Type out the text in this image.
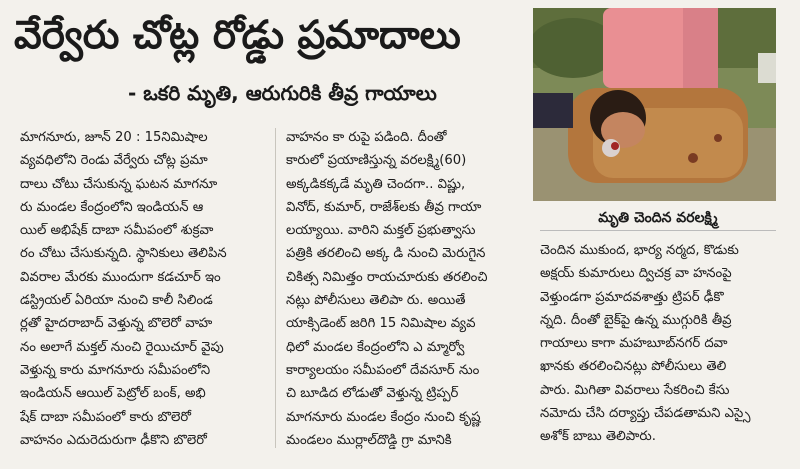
వేర్వేరు చోట్ల రోడ్డు ప్రమాదాలు
- ఒకరి మృతి, ఆరుగురికి తీవ్ర గాయాలు
మృతి చెందిన వరలక్ష్మి
మాగనూరు, జూన్ 20 : 15నిమిషాల
వ్యవధిలోని రెండు వేర్వేరు చోట్ల ప్రమా
దాలు చోటు చేసుకున్న ఘటన మాగనూ
రు మండల కేంద్రంలోని ఇండియన్ ఆ
యిల్ అభిషేక్ దాబా సమీపంలో శుక్రవా
రం చోటు చేసుకున్నది. స్థానికులు తెలిపిన
వివరాల మేరకు ముందుగా కడచూర్ ఇం
డస్ట్రియల్ ఏరియా నుంచి కాలీ సిలిండ
ర్లతో హైదరాబాద్ వెళ్తున్న బొలెరో వాహ
నం అలాగే మక్తల్ నుంచి రైయిచూర్ వైపు
వెళ్తున్న కారు మాగనూరు సమీపంలోని
ఇండియన్ ఆయిల్ పెట్రోల్ బంక్, అభి
షేక్ దాబా సమీపంలో కారు బొలెరో
వాహనం ఎదురెదురుగా ఢీకొని బొలెరో
వాహనం కా రుపై పడింది. దీంతో
కారులో ప్రయాణిస్తున్న వరలక్ష్మి(60)
అక్కడికక్కడే మృతి చెందగా.. విష్ణు,
వినోద్, కుమార్, రాజేశ్‌లకు తీవ్ర గాయా
లయ్యాయి. వారిని మక్తల్ ప్రభుత్వాసు
పత్రికి తరలించి అక్క డి నుంచి మెరుగైన
చికిత్స నిమిత్తం రాయచూరుకు తరలించి
నట్లు పోలీసులు తెలిపా రు. అయితే
యాక్సిడెంట్ జరిగి 15 నిమిషాల వ్యవ
ధిలో మండల కేంద్రంలోని ఎ మ్మార్వో
కార్యాలయం సమీపంలో దేవసూర్ నుం
చి బూడిద లోడుతో వెళ్తున్న ట్రిప్పర్
మాగనూరు మండల కేంద్రం నుంచి కృష్ణ
మండలం ముర్లాల్‌దొడ్డి గ్రా మానికి
చెందిన ముకుంద, భార్య నర్మద, కొడుకు
అక్షయ్ కుమారులు ద్విచక్ర వా హనంపై
వెళ్తుండగా ప్రమాదవశాత్తు ట్రిపర్ ఢీకొ
న్నది. దీంతో బైక్‌పై ఉన్న ముగ్గురికి తీవ్ర
గాయాలు కాగా మహబూబ్‌నగర్ దవా
ఖానకు తరలించినట్లు పోలీసులు తెలి
పారు. మిగితా వివరాలు సేకరించి కేసు
నమోదు చేసి దర్యాప్తు చేపడతామని ఎస్సై
అశోక్ బాబు తెలిపారు.
